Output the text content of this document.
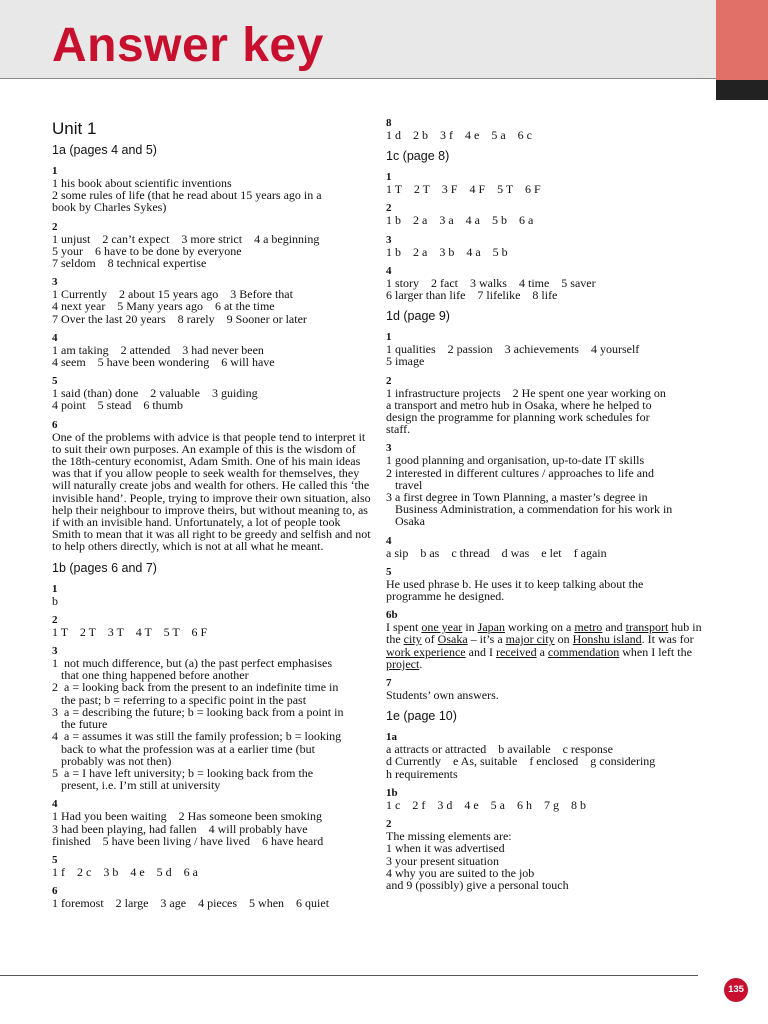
Answer key
Unit 1
1a (pages 4 and 5)
1
1 his book about scientific inventions
2 some rules of life (that he read about 15 years ago in a
book by Charles Sykes)
2
1 unjust    2 can’t expect    3 more strict    4 a beginning
5 your    6 have to be done by everyone
7 seldom    8 technical expertise
3
1 Currently    2 about 15 years ago    3 Before that
4 next year    5 Many years ago    6 at the time
7 Over the last 20 years    8 rarely    9 Sooner or later
4
1 am taking    2 attended    3 had never been
4 seem    5 have been wondering    6 will have
5
1 said (than) done    2 valuable    3 guiding
4 point    5 stead    6 thumb
6
One of the problems with advice is that people tend to interpret it to suit their own purposes. An example of this is the wisdom of the 18th-century economist, Adam Smith. One of his main ideas was that if you allow people to seek wealth for themselves, they will naturally create jobs and wealth for others. He called this ‘the invisible hand’. People, trying to improve their own situation, also help their neighbour to improve theirs, but without meaning to, as if with an invisible hand. Unfortunately, a lot of people took Smith to mean that it was all right to be greedy and selfish and not to help others directly, which is not at all what he meant.
1b (pages 6 and 7)
1
b
2
1 T    2 T    3 T    4 T    5 T    6 F
3
1  not much difference, but (a) the past perfect emphasises
that one thing happened before another
2  a = looking back from the present to an indefinite time in
the past; b = referring to a specific point in the past
3  a = describing the future; b = looking back from a point in
the future
4  a = assumes it was still the family profession; b = looking
back to what the profession was at a earlier time (but
probably was not then)
5  a = I have left university; b = looking back from the
present, i.e. I’m still at university
4
1 Had you been waiting    2 Has someone been smoking
3 had been playing, had fallen    4 will probably have
finished    5 have been living / have lived    6 have heard
5
1 f    2 c    3 b    4 e    5 d    6 a
6
1 foremost    2 large    3 age    4 pieces    5 when    6 quiet
8
1 d    2 b    3 f    4 e    5 a    6 c
1c (page 8)
1
1 T    2 T    3 F    4 F    5 T    6 F
2
1 b    2 a    3 a    4 a    5 b    6 a
3
1 b    2 a    3 b    4 a    5 b
4
1 story    2 fact    3 walks    4 time    5 saver
6 larger than life    7 lifelike    8 life
1d (page 9)
1
1 qualities    2 passion    3 achievements    4 yourself
5 image
2
1 infrastructure projects    2 He spent one year working on
a transport and metro hub in Osaka, where he helped to
design the programme for planning work schedules for
staff.
3
1 good planning and organisation, up-to-date IT skills
2 interested in different cultures / approaches to life and
travel
3 a first degree in Town Planning, a master’s degree in
Business Administration, a commendation for his work in
Osaka
4
a sip    b as    c thread    d was    e let    f again
5
He used phrase b. He uses it to keep talking about the
programme he designed.
6b
I spent one year in Japan working on a metro and transport hub in the city of Osaka – it’s a major city on Honshu island. It was for work experience and I received a commendation when I left the project.
7
Students’ own answers.
1e (page 10)
1a
a attracts or attracted    b available    c response
d Currently    e As, suitable    f enclosed    g considering
h requirements
1b
1 c    2 f    3 d    4 e    5 a    6 h    7 g    8 b
2
The missing elements are:
1 when it was advertised
3 your present situation
4 why you are suited to the job
and 9 (possibly) give a personal touch
135
